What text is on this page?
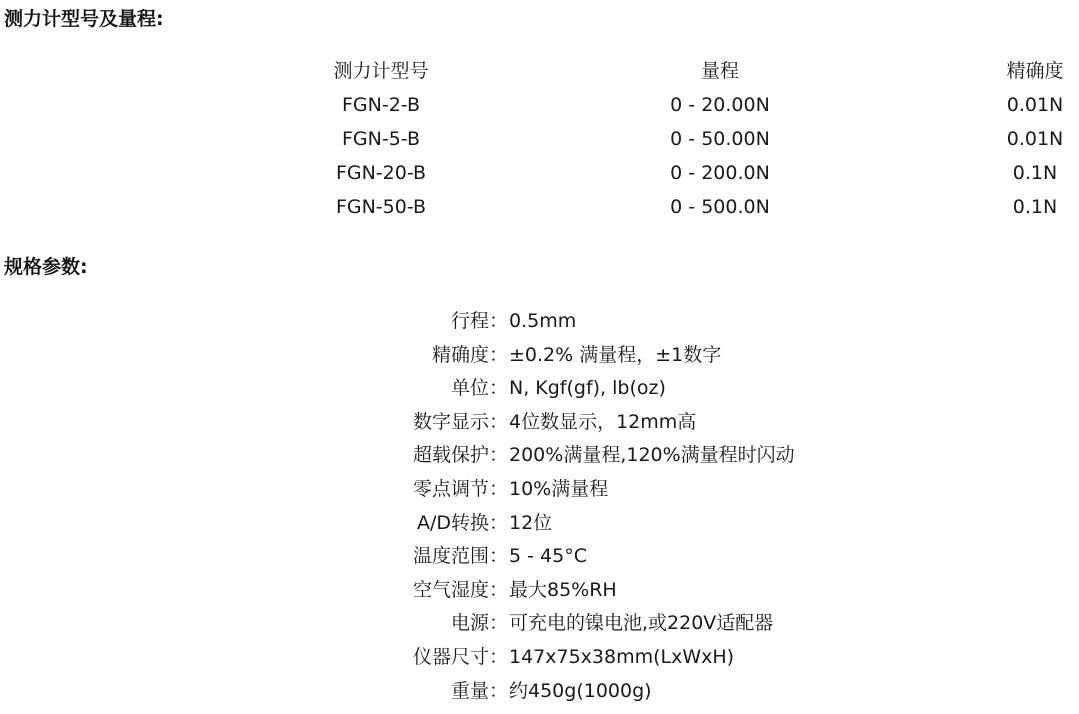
测力计型号及量程:
测力计型号	量程	精确度
FGN-2-B	0 - 20.00N	0.01N
FGN-5-B	0 - 50.00N	0.01N
FGN-20-B	0 - 200.0N	0.1N
FGN-50-B	0 - 500.0N	0.1N
规格参数:
行程： 0.5mm
精确度： ±0.2% 满量程，±1数字
单位： N, Kgf(gf), lb(oz)
数字显示： 4位数显示，12mm高
超载保护： 200%满量程,120%满量程时闪动
零点调节： 10%满量程
A/D转换： 12位
温度范围： 5 - 45°C
空气湿度： 最大85%RH
电源： 可充电的镍电池,或220V适配器
仪器尺寸： 147x75x38mm(LxWxH)
重量： 约450g(1000g)
